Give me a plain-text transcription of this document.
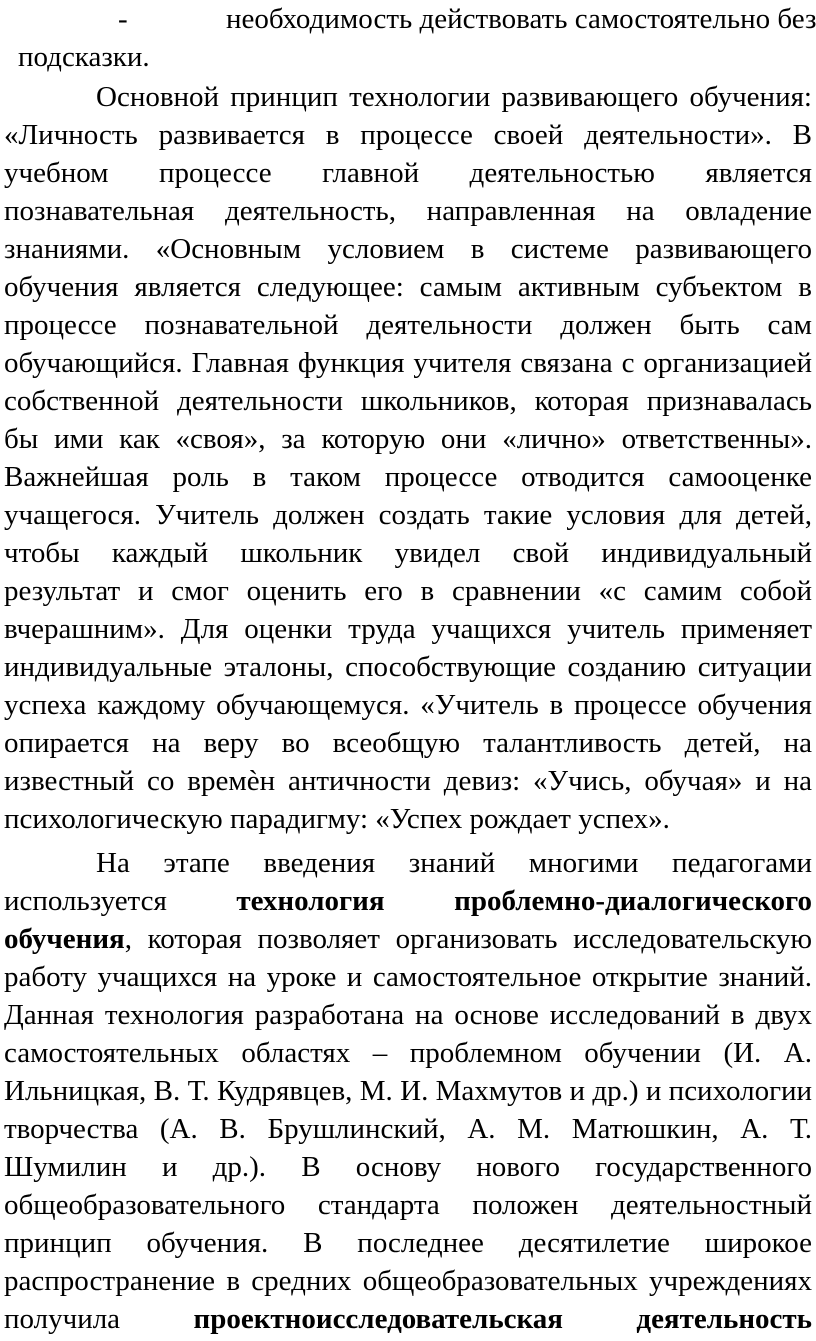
-	необходимость действовать самостоятельно без
подсказки.
Основной принцип технологии развивающего обучения:
«Личность развивается в процессе своей деятельности». В
учебном процессе главной деятельностью является
познавательная деятельность, направленная на овладение
знаниями. «Основным условием в системе развивающего
обучения является следующее: самым активным субъектом в
процессе познавательной деятельности должен быть сам
обучающийся. Главная функция учителя связана с организацией
собственной деятельности школьников, которая признавалась
бы ими как «своя», за которую они «лично» ответственны».
Важнейшая роль в таком процессе отводится самооценке
учащегося. Учитель должен создать такие условия для детей,
чтобы каждый школьник увидел свой индивидуальный
результат и смог оценить его в сравнении «с самим собой
вчерашним». Для оценки труда учащихся учитель применяет
индивидуальные эталоны, способствующие созданию ситуации
успеха каждому обучающемуся. «Учитель в процессе обучения
опирается на веру во всеобщую талантливость детей, на
известный со времѐн античности девиз: «Учись, обучая» и на
психологическую парадигму: «Успех рождает успех».
На этапе введения знаний многими педагогами
используется технология проблемно-диалогического
обучения, которая позволяет организовать исследовательскую
работу учащихся на уроке и самостоятельное открытие знаний.
Данная технология разработана на основе исследований в двух
самостоятельных областях – проблемном обучении (И. А.
Ильницкая, В. Т. Кудрявцев, М. И. Махмутов и др.) и психологии
творчества (А. В. Брушлинский, А. М. Матюшкин, А. Т.
Шумилин и др.). В основу нового государственного
общеобразовательного стандарта положен деятельностный
принцип обучения. В последнее десятилетие широкое
распространение в средних общеобразовательных учреждениях
получила	проектноисследовательская деятельность
